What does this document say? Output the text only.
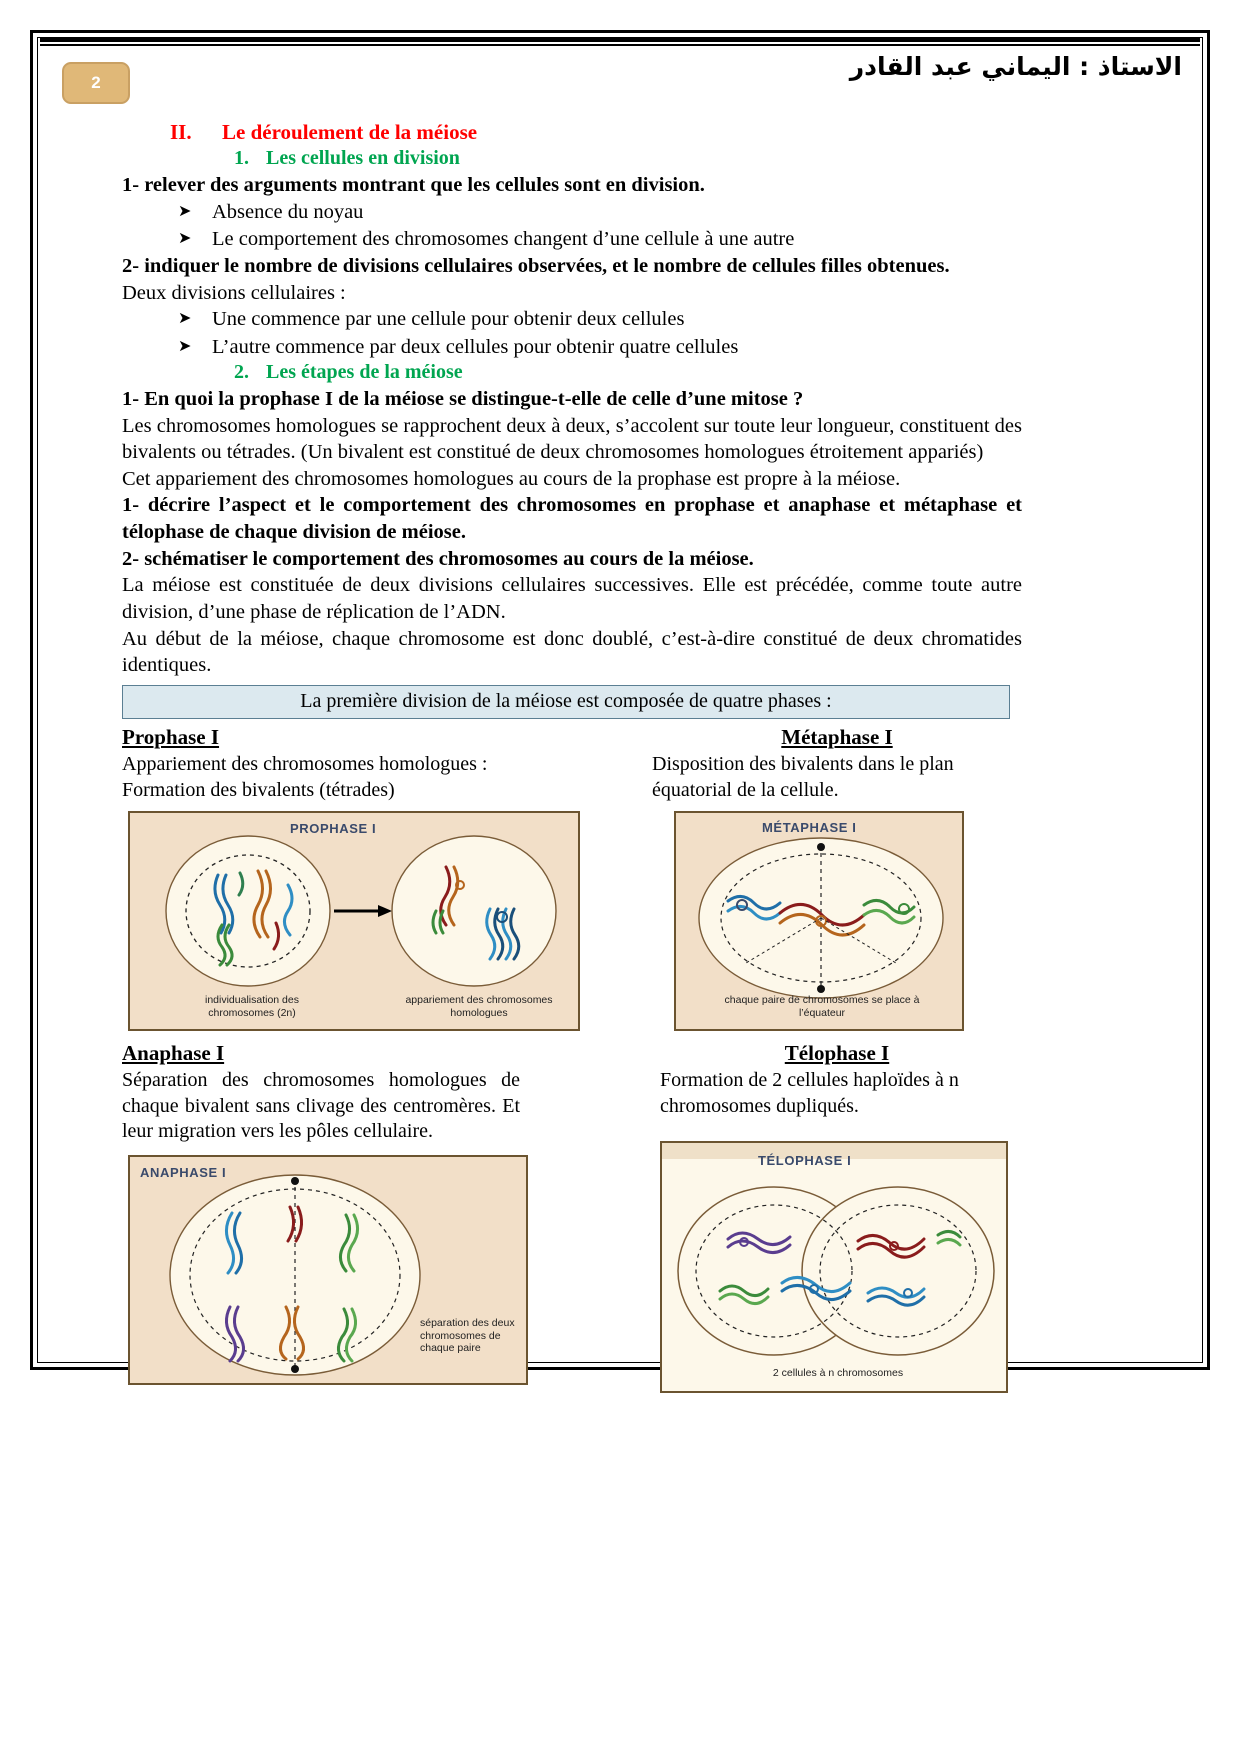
2
الاستاذ : اليماني عبد القادر
II. Le déroulement de la méiose
1. Les cellules en division

1- relever des arguments montrant que les cellules sont en division.

➤ Absence du noyau
➤ Le comportement des chromosomes changent d’une cellule à une autre

2- indiquer le nombre de divisions cellulaires observées, et le nombre de cellules filles obtenues.

Deux divisions cellulaires :

➤ Une commence par une cellule pour obtenir deux cellules
➤ L’autre commence par deux cellules pour obtenir quatre cellules
2. Les étapes de la méiose

1- En quoi la prophase I de la méiose se distingue-t-elle de celle d’une mitose ?

Les chromosomes homologues se rapprochent deux à deux, s’accolent sur toute leur longueur, constituent des bivalents ou tétrades. (Un bivalent est constitué de deux chromosomes homologues étroitement appariés)

Cet appariement des chromosomes homologues au cours de la prophase est propre à la méiose.

1- décrire l’aspect et le comportement des chromosomes en prophase et anaphase et métaphase et télophase de chaque division de méiose.

2- schématiser le comportement des chromosomes au cours de la méiose.

La méiose est constituée de deux divisions cellulaires successives. Elle est précédée, comme toute autre division, d’une phase de réplication de l’ADN.

Au début de la méiose, chaque chromosome est donc doublé, c’est-à-dire constitué de deux chromatides identiques.

La première division de la méiose est composée de quatre phases :

Prophase I

Appariement des chromosomes homologues :

Formation des bivalents (tétrades)

PROPHASE I
individualisation des chromosomes (2n)
appariement des chromosomes homologues

Métaphase I

Disposition des bivalents dans le plan

équatorial de la cellule.

MÉTAPHASE I
chaque paire de chromosomes se place à l’équateur

Anaphase I

Séparation des chromosomes homologues de chaque bivalent sans clivage des centromères. Et leur migration vers les pôles cellulaire.

ANAPHASE I
séparation des deux chromosomes de chaque paire

Télophase I

Formation de 2 cellules haploïdes à n

chromosomes dupliqués.

TÉLOPHASE I
2 cellules à n chromosomes
